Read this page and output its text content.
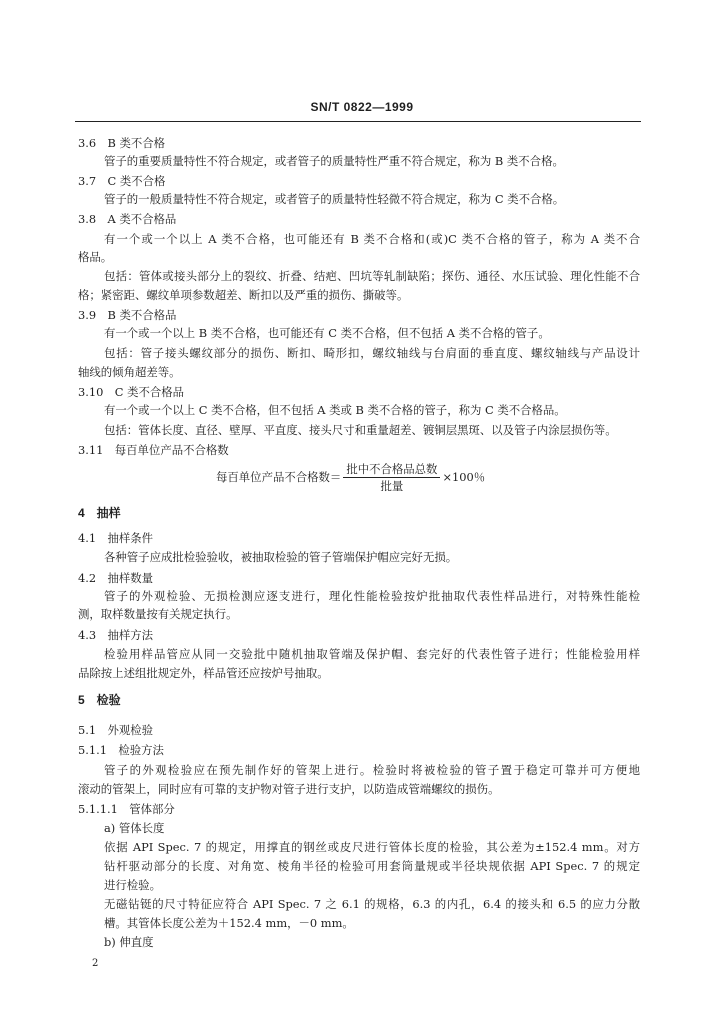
SN/T 0822—1999
3.6　B 类不合格
管子的重要质量特性不符合规定，或者管子的质量特性严重不符合规定，称为 B 类不合格。
3.7　C 类不合格
管子的一般质量特性不符合规定，或者管子的质量特性轻微不符合规定，称为 C 类不合格。
3.8　A 类不合格品
有一个或一个以上 A 类不合格，也可能还有 B 类不合格和(或)C 类不合格的管子，称为 A 类不合
格品。
包括：管体或接头部分上的裂纹、折叠、结疤、凹坑等轧制缺陷；探伤、通径、水压试验、理化性能不合
格；紧密距、螺纹单项参数超差、断扣以及严重的损伤、撕破等。
3.9　B 类不合格品
有一个或一个以上 B 类不合格，也可能还有 C 类不合格，但不包括 A 类不合格的管子。
包括：管子接头螺纹部分的损伤、断扣、畸形扣，螺纹轴线与台肩面的垂直度、螺纹轴线与产品设计
轴线的倾角超差等。
3.10　C 类不合格品
有一个或一个以上 C 类不合格，但不包括 A 类或 B 类不合格的管子，称为 C 类不合格品。
包括：管体长度、直径、壁厚、平直度、接头尺寸和重量超差、镀铜层黑斑、以及管子内涂层损伤等。
3.11　每百单位产品不合格数
每百单位产品不合格数＝ $\frac{\text{批中不合格品总数}}{\text{批量}} \times 100$％
4　抽样
4.1　抽样条件
各种管子应成批检验验收，被抽取检验的管子管端保护帽应完好无损。
4.2　抽样数量
管子的外观检验、无损检测应逐支进行，理化性能检验按炉批抽取代表性样品进行，对特殊性能检
测，取样数量按有关规定执行。
4.3　抽样方法
检验用样品管应从同一交验批中随机抽取管端及保护帽、套完好的代表性管子进行；性能检验用样
品除按上述组批规定外，样品管还应按炉号抽取。
5　检验
5.1　外观检验
5.1.1　检验方法
管子的外观检验应在预先制作好的管架上进行。检验时将被检验的管子置于稳定可靠并可方便地
滚动的管架上，同时应有可靠的支护物对管子进行支护，以防造成管端螺纹的损伤。
5.1.1.1　管体部分
a) 管体长度
依据 API Spec. 7 的规定，用撑直的钢丝或皮尺进行管体长度的检验，其公差为±152.4 mm。对方
钻杆驱动部分的长度、对角宽、棱角半径的检验可用套筒量规或半径块规依据 API Spec. 7 的规定
进行检验。
无磁钻铤的尺寸特征应符合 API Spec. 7 之 6.1 的规格，6.3 的内孔，6.4 的接头和 6.5 的应力分散
槽。其管体长度公差为＋152.4 mm，－0 mm。
b) 伸直度
2
